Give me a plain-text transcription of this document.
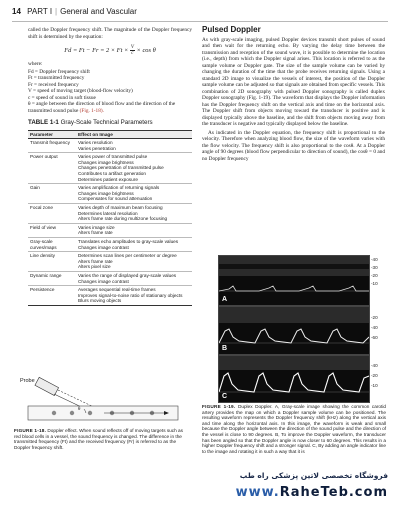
14 PART I | General and Vascular

called the Doppler frequency shift. The magnitude of the Doppler frequency shift is determined by the equation:

$Fd = Ft - Fr = 2 \times Ft \times \frac{V}{c} \times \cos \theta$
where:
Fd = Doppler frequency shift
Ft = transmitted frequency
Fr = received frequency
V = speed of moving target (blood-flow velocity)
c = speed of sound in soft tissue
θ = angle between the direction of blood flow and the direction of the transmitted sound pulse (Fig. 1-18).
TABLE 1-1 Gray-Scale Technical Parameters
Parameter	Effect on Image
Transmit frequency	Varies resolution
Varies penetration

Power output	Varies power of transmitted pulse
Changes image brightness
Changes penetration of transmitted pulse
Contributes to artifact generation
Determines patient exposure

Gain	Varies amplification of returning signals
Changes image brightness
Compensates for sound attenuation

Focal zone	Varies depth of maximum beam focusing
Determines lateral resolution
Alters frame rate during multizone focusing

Field of view	Varies image size
Alters frame rate

Gray-scale curves/maps	Translates echo amplitudes to gray-scale values
Changes image contrast

Line density	Determines scan lines per centimeter or degree
Alters frame rate
Alters pixel size

Dynamic range	Varies the range of displayed gray-scale values
Changes image contrast

Persistence	Averages sequential real-time frames
Improves signal-to-noise ratio of stationary objects
Blurs moving objects
Probe
θ
FIGURE 1-18. Doppler effect. When sound reflects off of moving targets such as red blood cells in a vessel, the sound frequency is changed. The difference in the transmitted frequency (Ft) and the received frequency (Fr) is referred to as the Doppler frequency shift.
Pulsed Doppler

As with gray-scale imaging, pulsed Doppler devices transmit short pulses of sound and then wait for the returning echo. By varying the delay time between the transmission and reception of the sound wave, it is possible to determine the location (i.e., depth) from which the Doppler signal arises. This location is referred to as the sample volume or Doppler gate. The size of the sample volume can be varied by changing the duration of the time that the probe receives returning signals. Using a standard 2D image to visualize the vessels of interest, the position of the Doppler sample volume can be adjusted so that signals are obtained from specific vessels. This combination of 2D sonography with pulsed Doppler sonography is called duplex Doppler sonography (Fig. 1-19). The waveform that displays the Doppler information has the Doppler frequency shift on the vertical axis and time on the horizontal axis. The Doppler shift from objects moving toward the transducer is positive and is displayed typically above the baseline, and the shift from objects moving away from the transducer is negative and typically displayed below the baseline.

As indicated in the Doppler equation, the frequency shift is proportional to the velocity. Therefore when analyzing blood flow, the size of the waveform varies with the flow velocity. The frequency shift is also proportional to the cosθ. At a Doppler angle of 90 degrees (blood flow perpendicular to direction of sound), the cosθ = 0 and no Doppler frequency

A
B
C
-40
-30
-20
-10
-20
-40
-60
-40
-20
-10
FIGURE 1-19. Duplex Doppler. A, Gray-scale image showing the common carotid artery provides the map on which a Doppler sample volume can be positioned. The resulting waveform represents the Doppler frequency shift (kHz) along the vertical axis and time along the horizontal axis. In this image, the waveform is weak and small because the Doppler angle between the direction of the sound pulse and the direction of the vessel is close to 90 degrees. B, To improve the Doppler waveform, the transducer has been angled so that the Doppler angle is now closer to 60 degrees. This results in a higher Doppler frequency shift and a stronger signal. C, By adding an angle indicator line to the image and rotating it in such a way that it is
فروشگاه تخصصی لاتین پزشکی راه طب
www.RaheTeb.com
